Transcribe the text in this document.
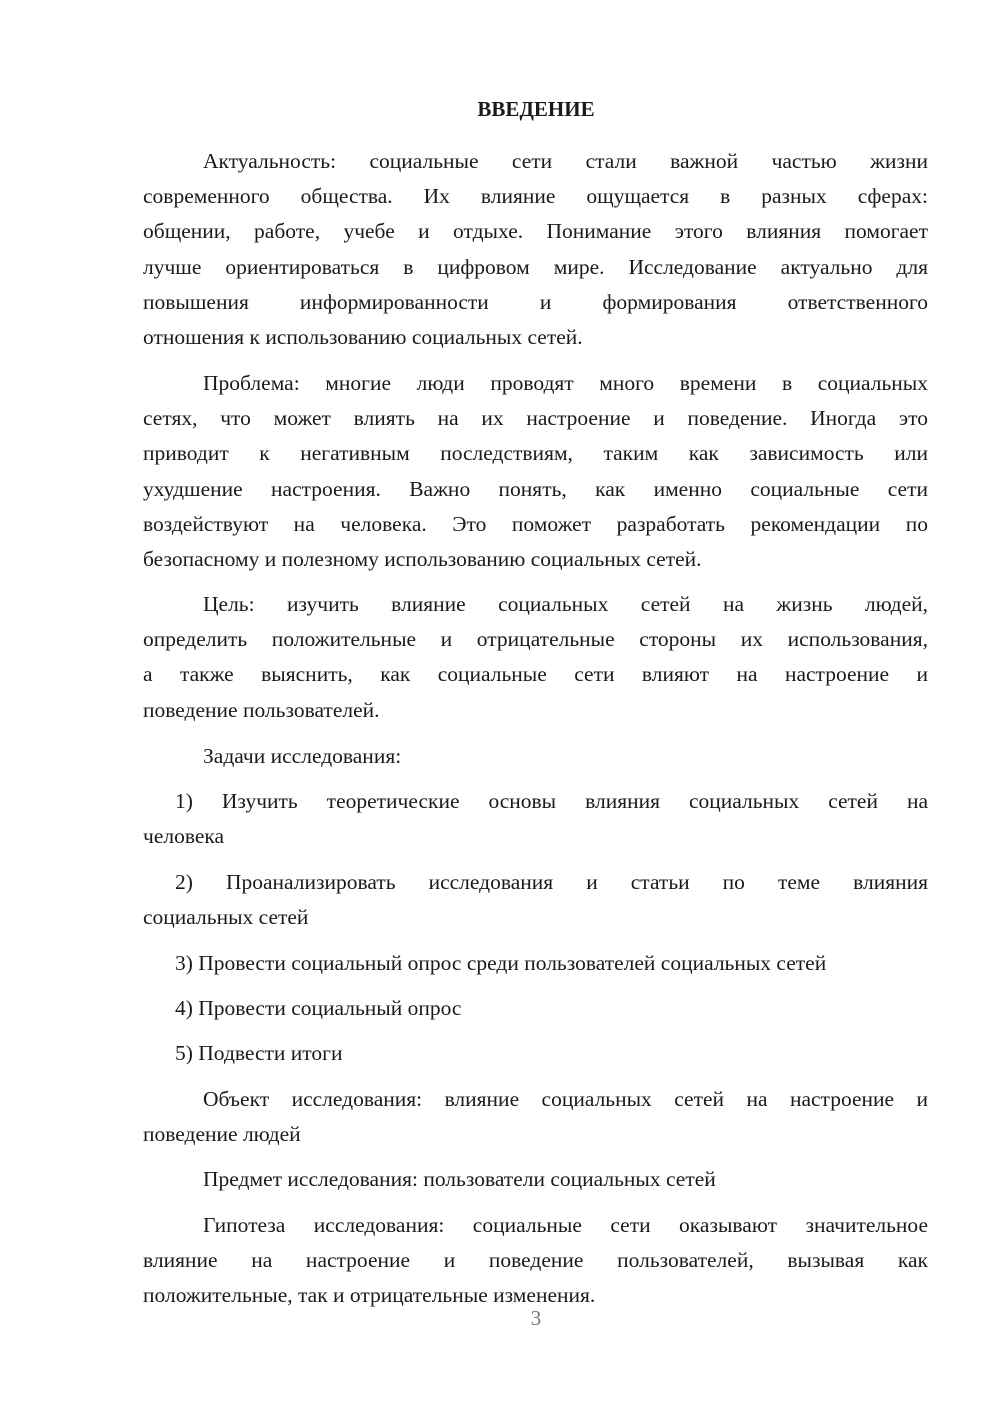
ВВЕДЕНИЕ
Актуальность: социальные сети стали важной частью жизни
современного общества. Их влияние ощущается в разных сферах:
общении, работе, учебе и отдыхе. Понимание этого влияния помогает
лучше ориентироваться в цифровом мире. Исследование актуально для
повышения информированности и формирования ответственного
отношения к использованию социальных сетей.
Проблема: многие люди проводят много времени в социальных
сетях, что может влиять на их настроение и поведение. Иногда это
приводит к негативным последствиям, таким как зависимость или
ухудшение настроения. Важно понять, как именно социальные сети
воздействуют на человека. Это поможет разработать рекомендации по
безопасному и полезному использованию социальных сетей.
Цель: изучить влияние социальных сетей на жизнь людей,
определить положительные и отрицательные стороны их использования,
а также выяснить, как социальные сети влияют на настроение и
поведение пользователей.
Задачи исследования:
1) Изучить теоретические основы влияния социальных сетей на
человека
2) Проанализировать исследования и статьи по теме влияния
социальных сетей
3) Провести социальный опрос среди пользователей социальных сетей
4) Провести социальный опрос
5) Подвести итоги
Объект исследования: влияние социальных сетей на настроение и
поведение людей
Предмет исследования: пользователи социальных сетей
Гипотеза исследования: социальные сети оказывают значительное
влияние на настроение и поведение пользователей, вызывая как
положительные, так и отрицательные изменения.
3
